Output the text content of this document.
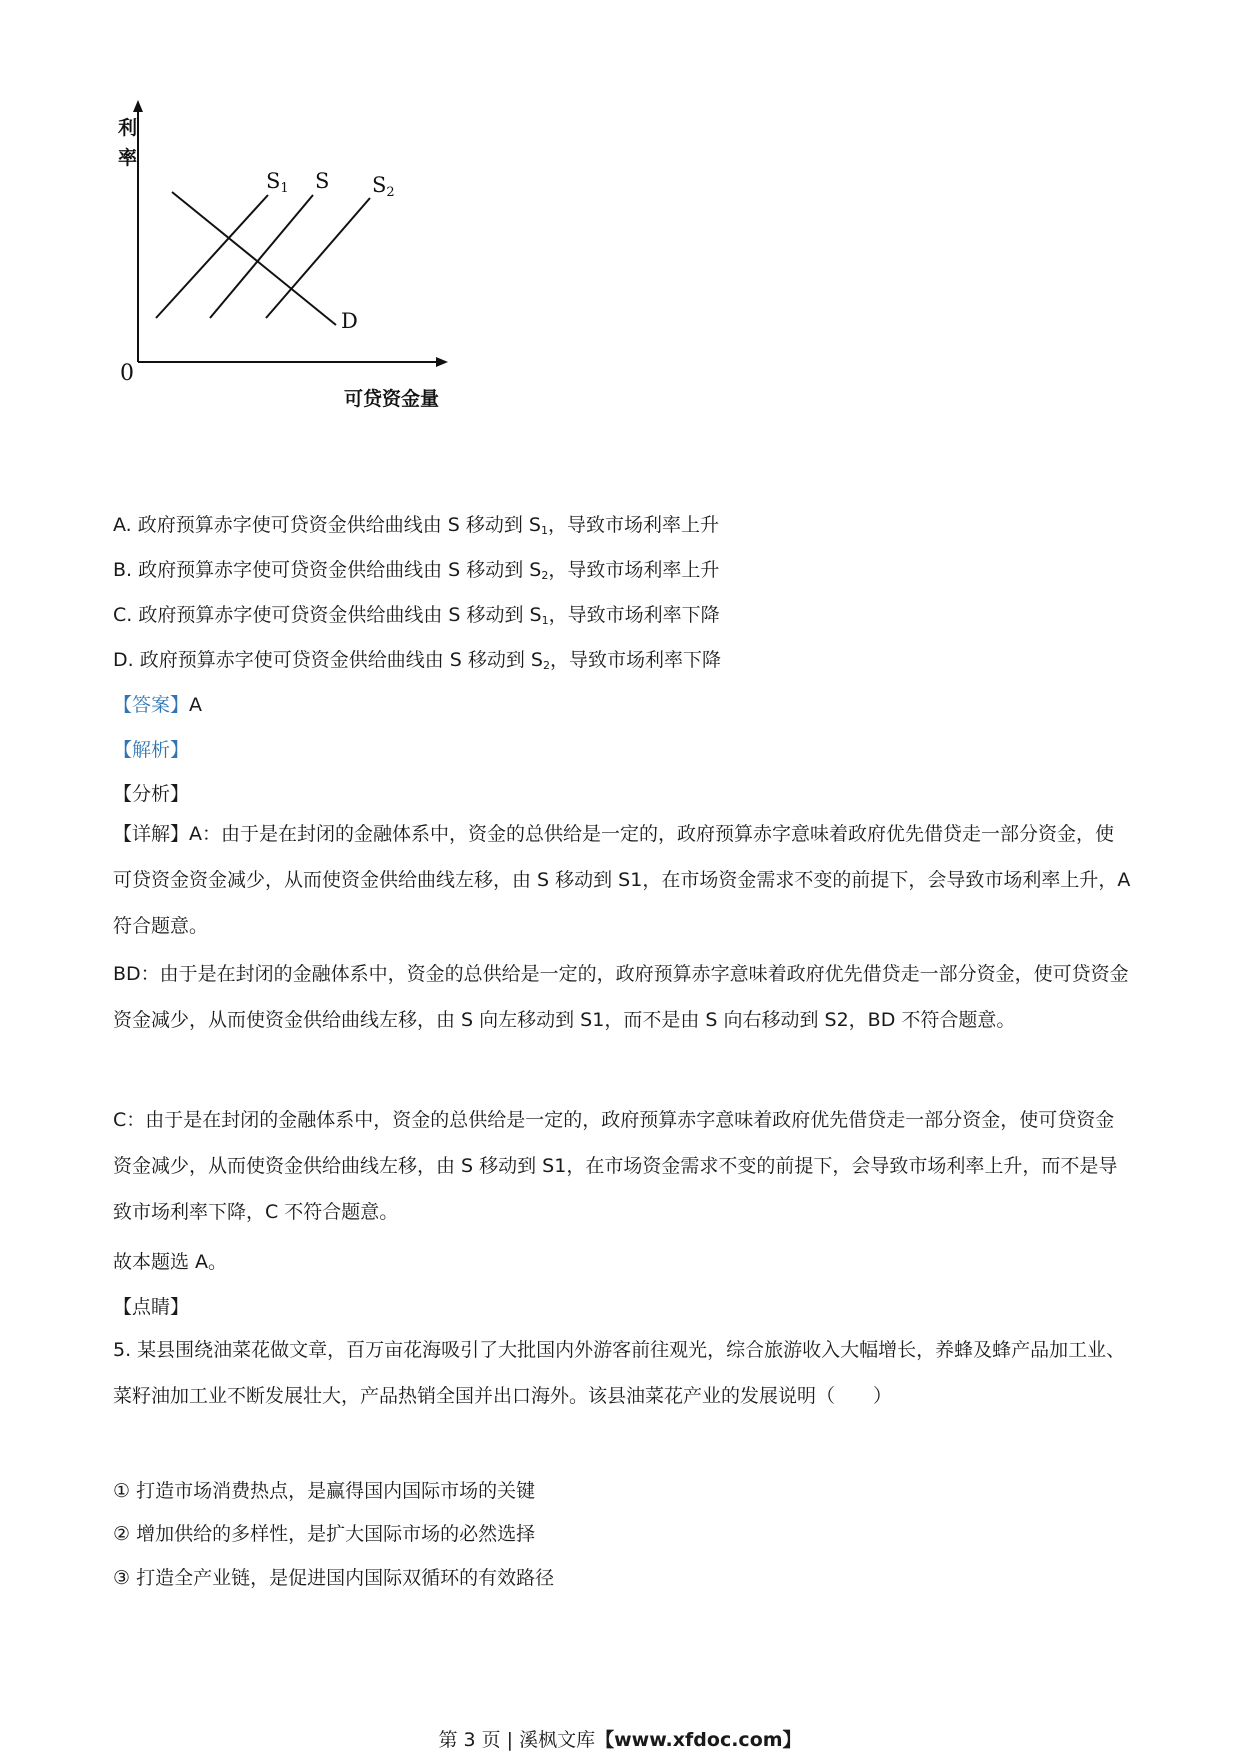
利
率
0
S1 S S2
D
可贷资金量
A. 政府预算赤字使可贷资金供给曲线由 S 移动到 $S_1$，导致市场利率上升
B. 政府预算赤字使可贷资金供给曲线由 S 移动到 $S_2$，导致市场利率上升
C. 政府预算赤字使可贷资金供给曲线由 S 移动到 $S_1$，导致市场利率下降
D. 政府预算赤字使可贷资金供给曲线由 S 移动到 $S_2$，导致市场利率下降
【答案】A
【解析】
【分析】
【详解】A：由于是在封闭的金融体系中，资金的总供给是一定的，政府预算赤字意味着政府优先借贷走一部分资金，使可贷资金资金减少，从而使资金供给曲线左移，由 S 移动到 S1，在市场资金需求不变的前提下，会导致市场利率上升，A 符合题意。
BD：由于是在封闭的金融体系中，资金的总供给是一定的，政府预算赤字意味着政府优先借贷走一部分资金，使可贷资金资金减少，从而使资金供给曲线左移，由 S 向左移动到 S1，而不是由 S 向右移动到 S2，BD 不符合题意。
C：由于是在封闭的金融体系中，资金的总供给是一定的，政府预算赤字意味着政府优先借贷走一部分资金，使可贷资金资金减少，从而使资金供给曲线左移，由 S 移动到 S1，在市场资金需求不变的前提下，会导致市场利率上升，而不是导致市场利率下降，C 不符合题意。
故本题选 A。
【点睛】
5. 某县围绕油菜花做文章，百万亩花海吸引了大批国内外游客前往观光，综合旅游收入大幅增长，养蜂及蜂产品加工业、菜籽油加工业不断发展壮大，产品热销全国并出口海外。该县油菜花产业的发展说明（　　）
① 打造市场消费热点，是赢得国内国际市场的关键
② 增加供给的多样性，是扩大国际市场的必然选择
③ 打造全产业链，是促进国内国际双循环的有效路径
第 3 页 | 溪枫文库【www.xfdoc.com】
